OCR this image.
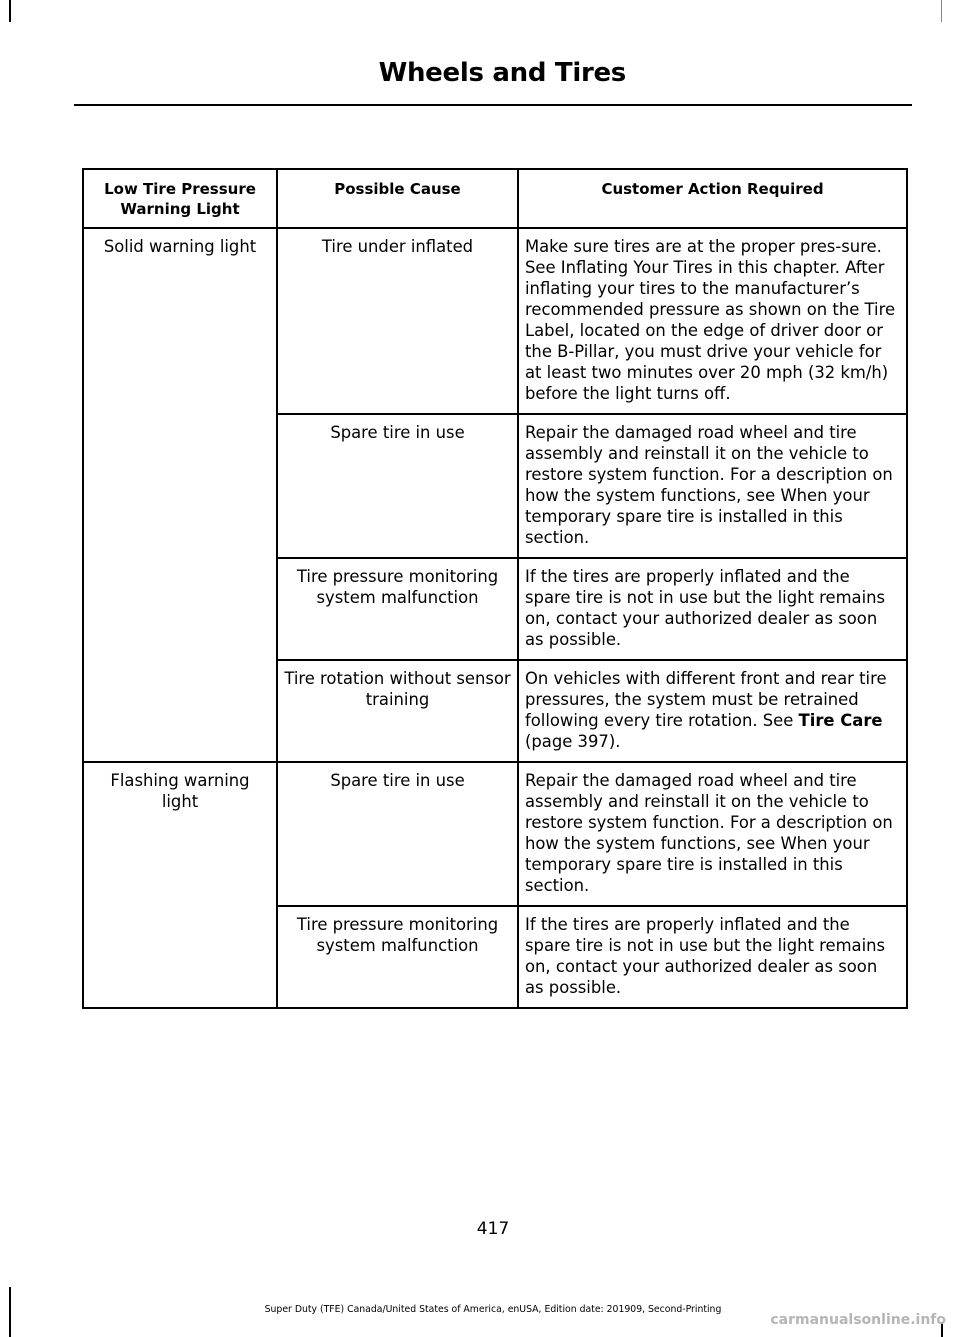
Wheels and Tires
Low Tire Pressure Warning Light	Possible Cause	Customer Action Required
Solid warning light	Tire under inflated	Make sure tires are at the proper pres-sure. See Inflating Your Tires in this chapter. After inflating your tires to the manufacturer’s recommended pressure as shown on the Tire Label, located on the edge of driver door or the B-Pillar, you must drive your vehicle for at least two minutes over 20 mph (32 km/h) before the light turns off.
	Spare tire in use	Repair the damaged road wheel and tire assembly and reinstall it on the vehicle to restore system function. For a description on how the system functions, see When your temporary spare tire is installed in this section.
	Tire pressure monitoring system malfunction	If the tires are properly inflated and the spare tire is not in use but the light remains on, contact your authorized dealer as soon as possible.
	Tire rotation without sensor training	On vehicles with different front and rear tire pressures, the system must be retrained following every tire rotation. See Tire Care (page 397).
Flashing warning light	Spare tire in use	Repair the damaged road wheel and tire assembly and reinstall it on the vehicle to restore system function. For a description on how the system functions, see When your temporary spare tire is installed in this section.
	Tire pressure monitoring system malfunction	If the tires are properly inflated and the spare tire is not in use but the light remains on, contact your authorized dealer as soon as possible.
417
Super Duty (TFE) Canada/United States of America, enUSA, Edition date: 201909, Second-Printing
carmanualsonline.info
